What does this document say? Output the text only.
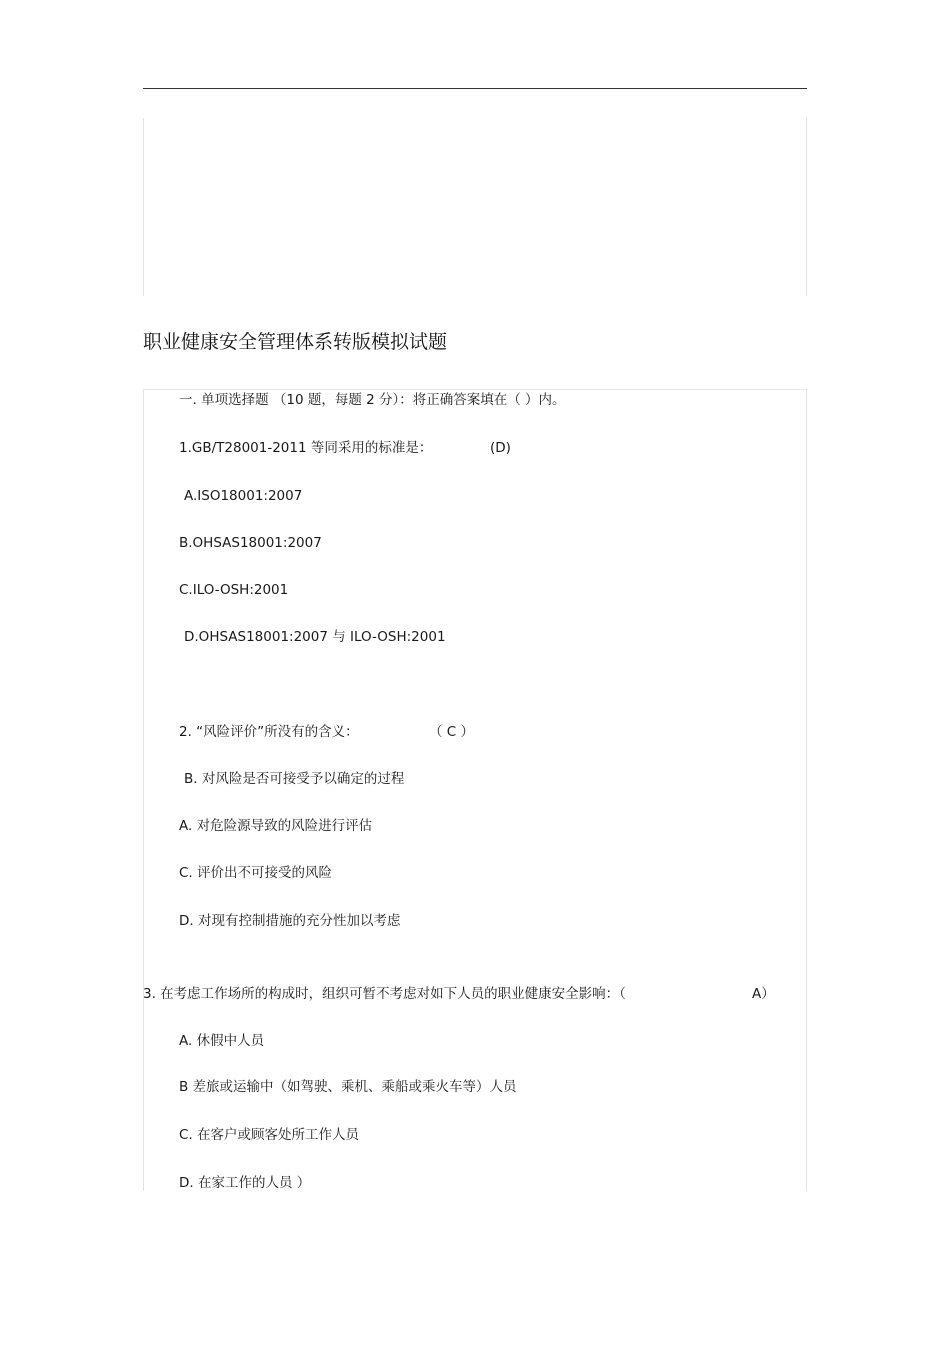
职业健康安全管理体系转版模拟试题
一. 单项选择题 （10 题，每题 2 分）：将正确答案填在（ ）内。
1.GB/T28001-2011 等同采用的标准是：	(D)
A.ISO18001:2007
B.OHSAS18001:2007
C.ILO-OSH:2001
D.OHSAS18001:2007 与 ILO-OSH:2001
2. “风险评价”所没有的含义：	（ C ）
B. 对风险是否可接受予以确定的过程
A. 对危险源导致的风险进行评估
C. 评价出不可接受的风险
D. 对现有控制措施的充分性加以考虑
3. 在考虑工作场所的构成时，组织可暂不考虑对如下人员的职业健康安全影响：（	A）
A. 休假中人员
B 差旅或运输中（如驾驶、乘机、乘船或乘火车等）人员
C. 在客户或顾客处所工作人员
D. 在家工作的人员 ）
